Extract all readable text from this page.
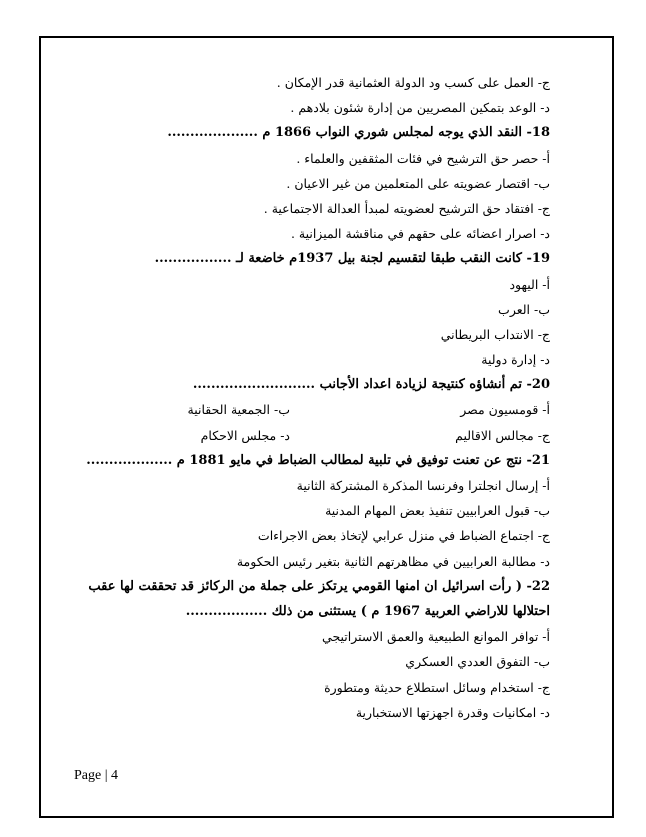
ج- العمل على كسب ود الدولة العثمانية قدر الإمكان .
د- الوعد بتمكين المصريين من إدارة شئون بلادهم .
18- النقد الذي يوجه لمجلس شوري النواب 1866 م ....................
أ- حصر حق الترشيح في فئات المثقفين والعلماء .
ب- اقتصار عضويته على المتعلمين من غير الاعيان .
ج- افتقاد حق الترشيح لعضويته لمبدأ العدالة الاجتماعية .
د- اصرار اعضائه على حقهم في مناقشة الميزانية .
19- كانت النقب طبقا لتقسيم لجنة بيل 1937م خاضعة لـ .................
أ- اليهود
ب- العرب
ج- الانتداب البريطاني
د- إدارة دولية
20- تم أنشاؤه كنتيجة لزيادة اعداد الأجانب ...........................
أ- قومسيون مصر
ب- الجمعية الحقانية
ج- مجالس الاقاليم
د- مجلس الاحكام
21- نتج عن تعنت توفيق في تلبية لمطالب الضباط في مايو 1881 م ...................
أ- إرسال انجلترا وفرنسا المذكرة المشتركة الثانية
ب- قبول العرابيين تنفيذ بعض المهام المدنية
ج- اجتماع الضباط في منزل عرابي لإتخاذ بعض الاجراءات
د- مطالبة العرابيين في مظاهرتهم الثانية بتغير رئيس الحكومة
22- ( رأت اسرائيل ان امنها القومي يرتكز على جملة من الركائز قد تحققت لها عقب احتلالها للاراضي العربية 1967 م ) يستثنى من ذلك ..................
أ- توافر الموانع الطبيعية والعمق الاستراتيجي
ب- التفوق العددي العسكري
ج- استخدام وسائل استطلاع حديثة ومتطورة
د- امكانيات وقدرة اجهزتها الاستخبارية
Page | 4
